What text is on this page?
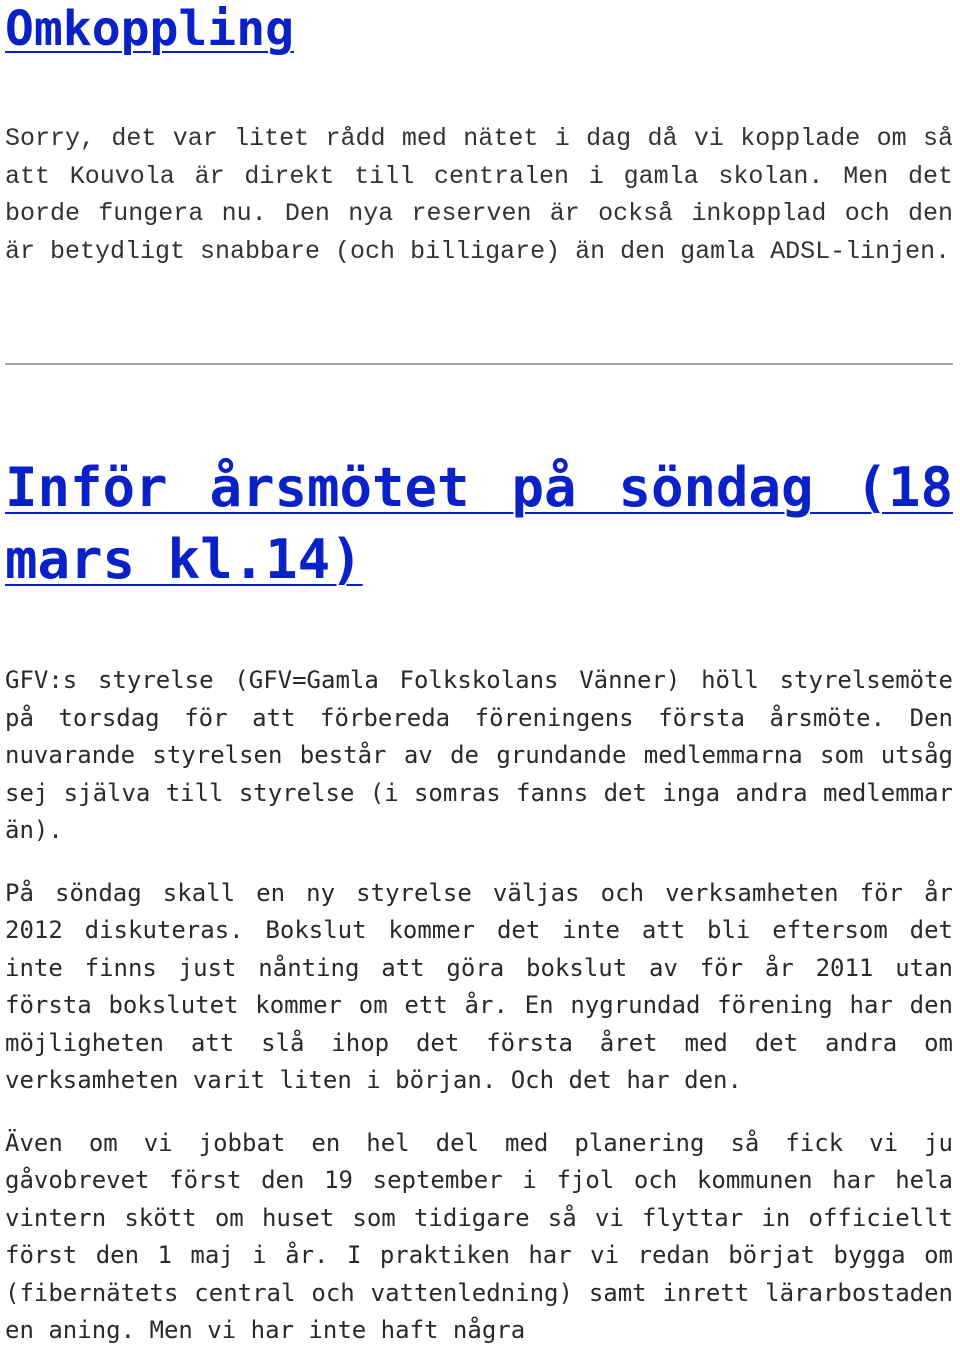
Omkoppling

Sorry, det var litet rådd med nätet i dag då vi kopplade om så att Kouvola är direkt till centralen i gamla skolan. Men det borde fungera nu. Den nya reserven är också inkopplad och den är betydligt snabbare (och billigare) än den gamla ADSL-linjen.

Inför årsmötet på söndag (18 mars kl.14)

GFV:s styrelse (GFV=Gamla Folkskolans Vänner) höll styrelsemöte på torsdag för att förbereda föreningens första årsmöte. Den nuvarande styrelsen består av de grundande medlemmarna som utsåg sej själva till styrelse (i somras fanns det inga andra medlemmar än).

På söndag skall en ny styrelse väljas och verksamheten för år 2012 diskuteras. Bokslut kommer det inte att bli eftersom det inte finns just nånting att göra bokslut av för år 2011 utan första bokslutet kommer om ett år. En nygrundad förening har den möjligheten att slå ihop det första året med det andra om verksamheten varit liten i början. Och det har den.

Även om vi jobbat en hel del med planering så fick vi ju gåvobrevet först den 19 september i fjol och kommunen har hela vintern skött om huset som tidigare så vi flyttar in officiellt först den 1 maj i år. I praktiken har vi redan börjat bygga om (fibernätets central och vattenledning) samt inrett lärarbostaden en aning. Men vi har inte haft några
